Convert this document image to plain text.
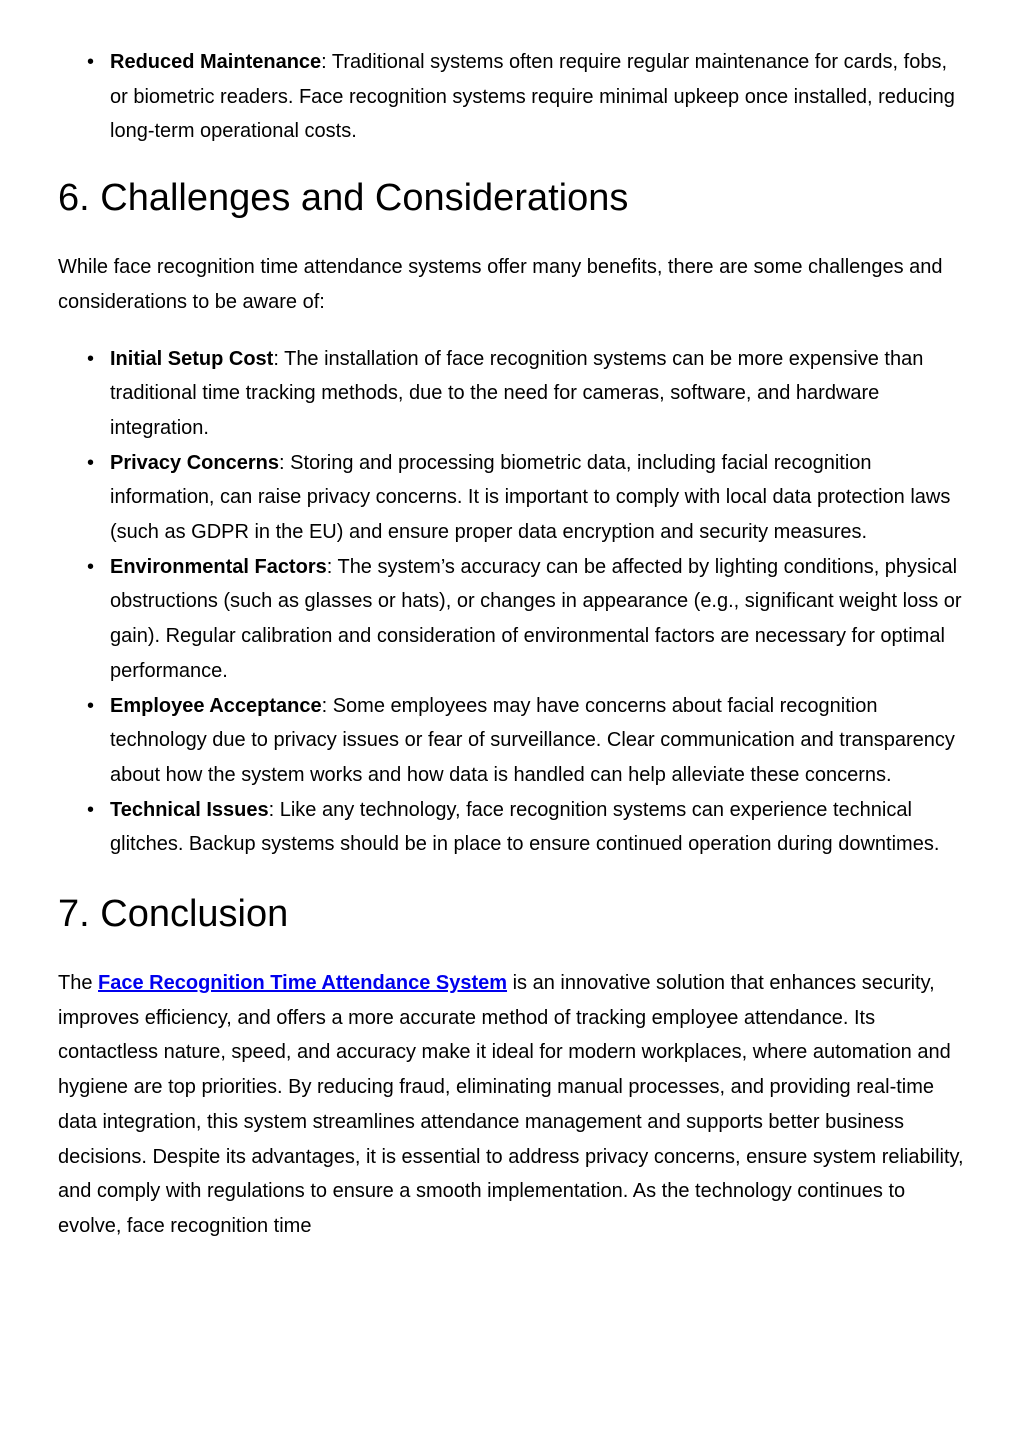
• Reduced Maintenance: Traditional systems often require regular maintenance for cards, fobs, or biometric readers. Face recognition systems require minimal upkeep once installed, reducing long-term operational costs.
6. Challenges and Considerations

While face recognition time attendance systems offer many benefits, there are some challenges and considerations to be aware of:

• Initial Setup Cost: The installation of face recognition systems can be more expensive than traditional time tracking methods, due to the need for cameras, software, and hardware integration.
• Privacy Concerns: Storing and processing biometric data, including facial recognition information, can raise privacy concerns. It is important to comply with local data protection laws (such as GDPR in the EU) and ensure proper data encryption and security measures.
• Environmental Factors: The system’s accuracy can be affected by lighting conditions, physical obstructions (such as glasses or hats), or changes in appearance (e.g., significant weight loss or gain). Regular calibration and consideration of environmental factors are necessary for optimal performance.
• Employee Acceptance: Some employees may have concerns about facial recognition technology due to privacy issues or fear of surveillance. Clear communication and transparency about how the system works and how data is handled can help alleviate these concerns.
• Technical Issues: Like any technology, face recognition systems can experience technical glitches. Backup systems should be in place to ensure continued operation during downtimes.
7. Conclusion

The Face Recognition Time Attendance System is an innovative solution that enhances security, improves efficiency, and offers a more accurate method of tracking employee attendance. Its contactless nature, speed, and accuracy make it ideal for modern workplaces, where automation and hygiene are top priorities. By reducing fraud, eliminating manual processes, and providing real-time data integration, this system streamlines attendance management and supports better business decisions. Despite its advantages, it is essential to address privacy concerns, ensure system reliability, and comply with regulations to ensure a smooth implementation. As the technology continues to evolve, face recognition time
